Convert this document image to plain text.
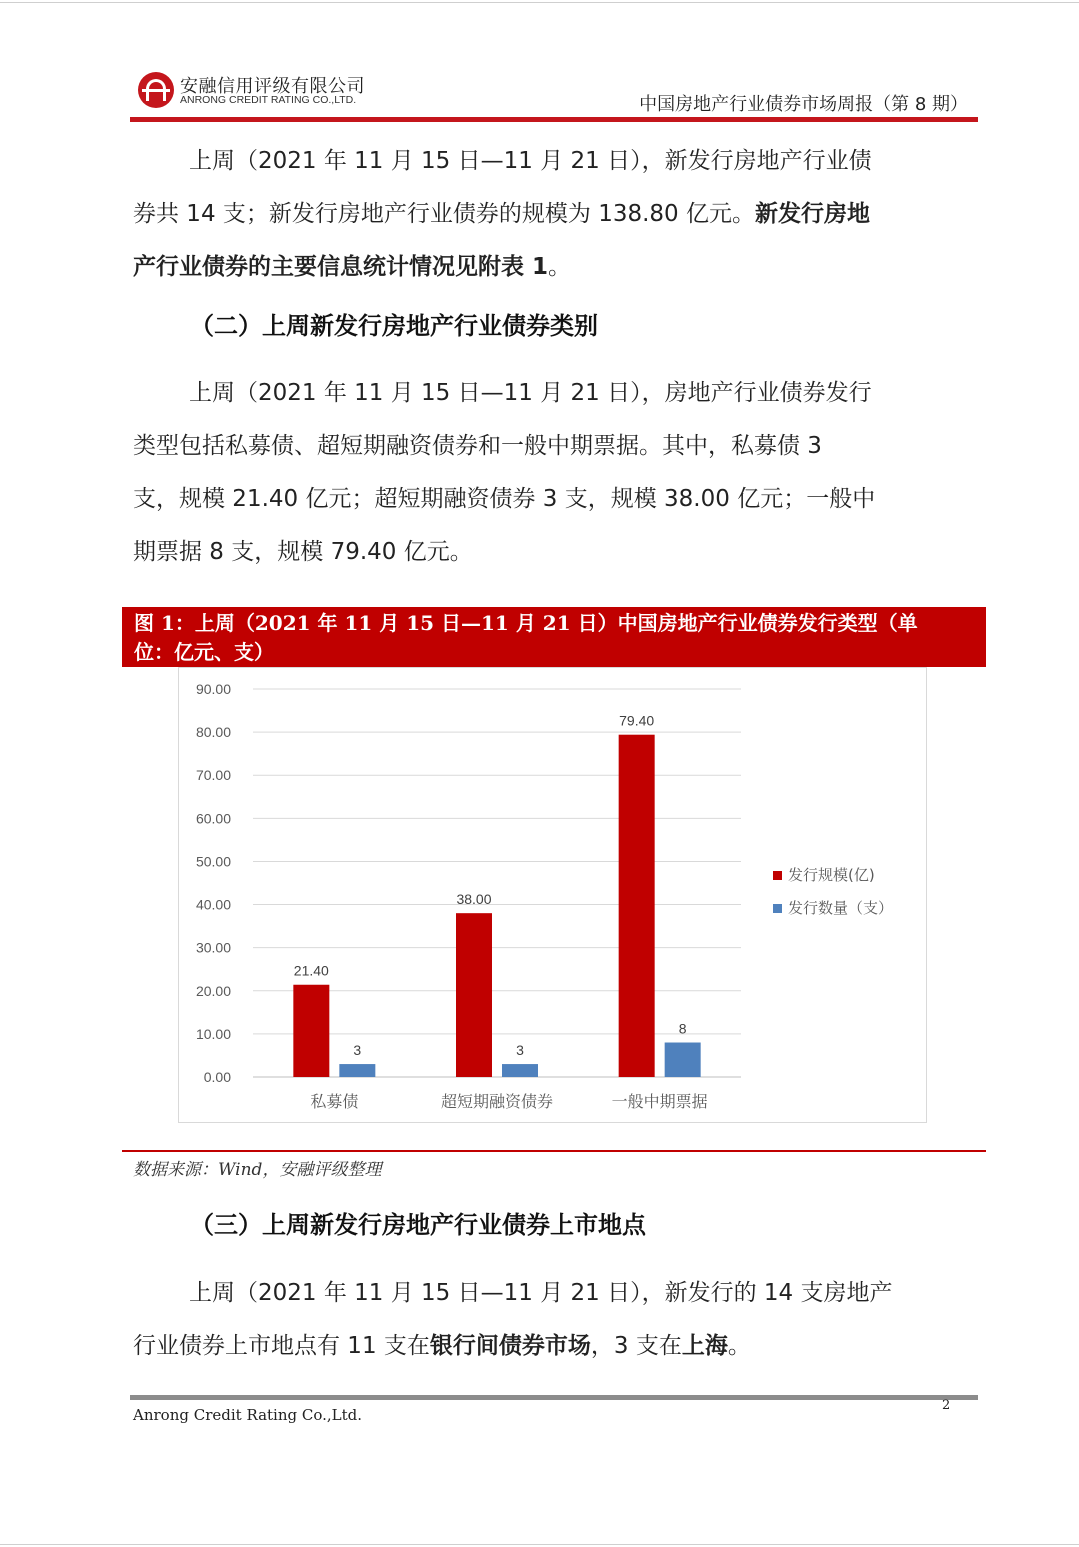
安融信用评级有限公司
ANRONG CREDIT RATING CO.,LTD.	中国房地产行业债券市场周报（第 8 期）
上周（2021 年 11 月 15 日—11 月 21 日），新发行房地产行业债
券共 14 支；新发行房地产行业债券的规模为 138.80 亿元。新发行房地
产行业债券的主要信息统计情况见附表 1。
（二）上周新发行房地产行业债券类别
上周（2021 年 11 月 15 日—11 月 21 日），房地产行业债券发行
类型包括私募债、超短期融资债券和一般中期票据。其中，私募债 3
支，规模 21.40 亿元；超短期融资债券 3 支，规模 38.00 亿元；一般中
期票据 8 支，规模 79.40 亿元。
图 1：上周（2021 年 11 月 15 日—11 月 21 日）中国房地产行业债券发行类型（单
位：亿元、支）
0.00
10.00
20.00
30.00
40.00
50.00
60.00
70.00
80.00
90.00
21.40
3
私募债
38.00
3
超短期融资债券
79.40
8
一般中期票据
发行规模(亿)
发行数量（支）
数据来源：Wind，安融评级整理
（三）上周新发行房地产行业债券上市地点
上周（2021 年 11 月 15 日—11 月 21 日），新发行的 14 支房地产
行业债券上市地点有 11 支在银行间债券市场，3 支在上海。
Anrong Credit Rating Co.,Ltd.
2
